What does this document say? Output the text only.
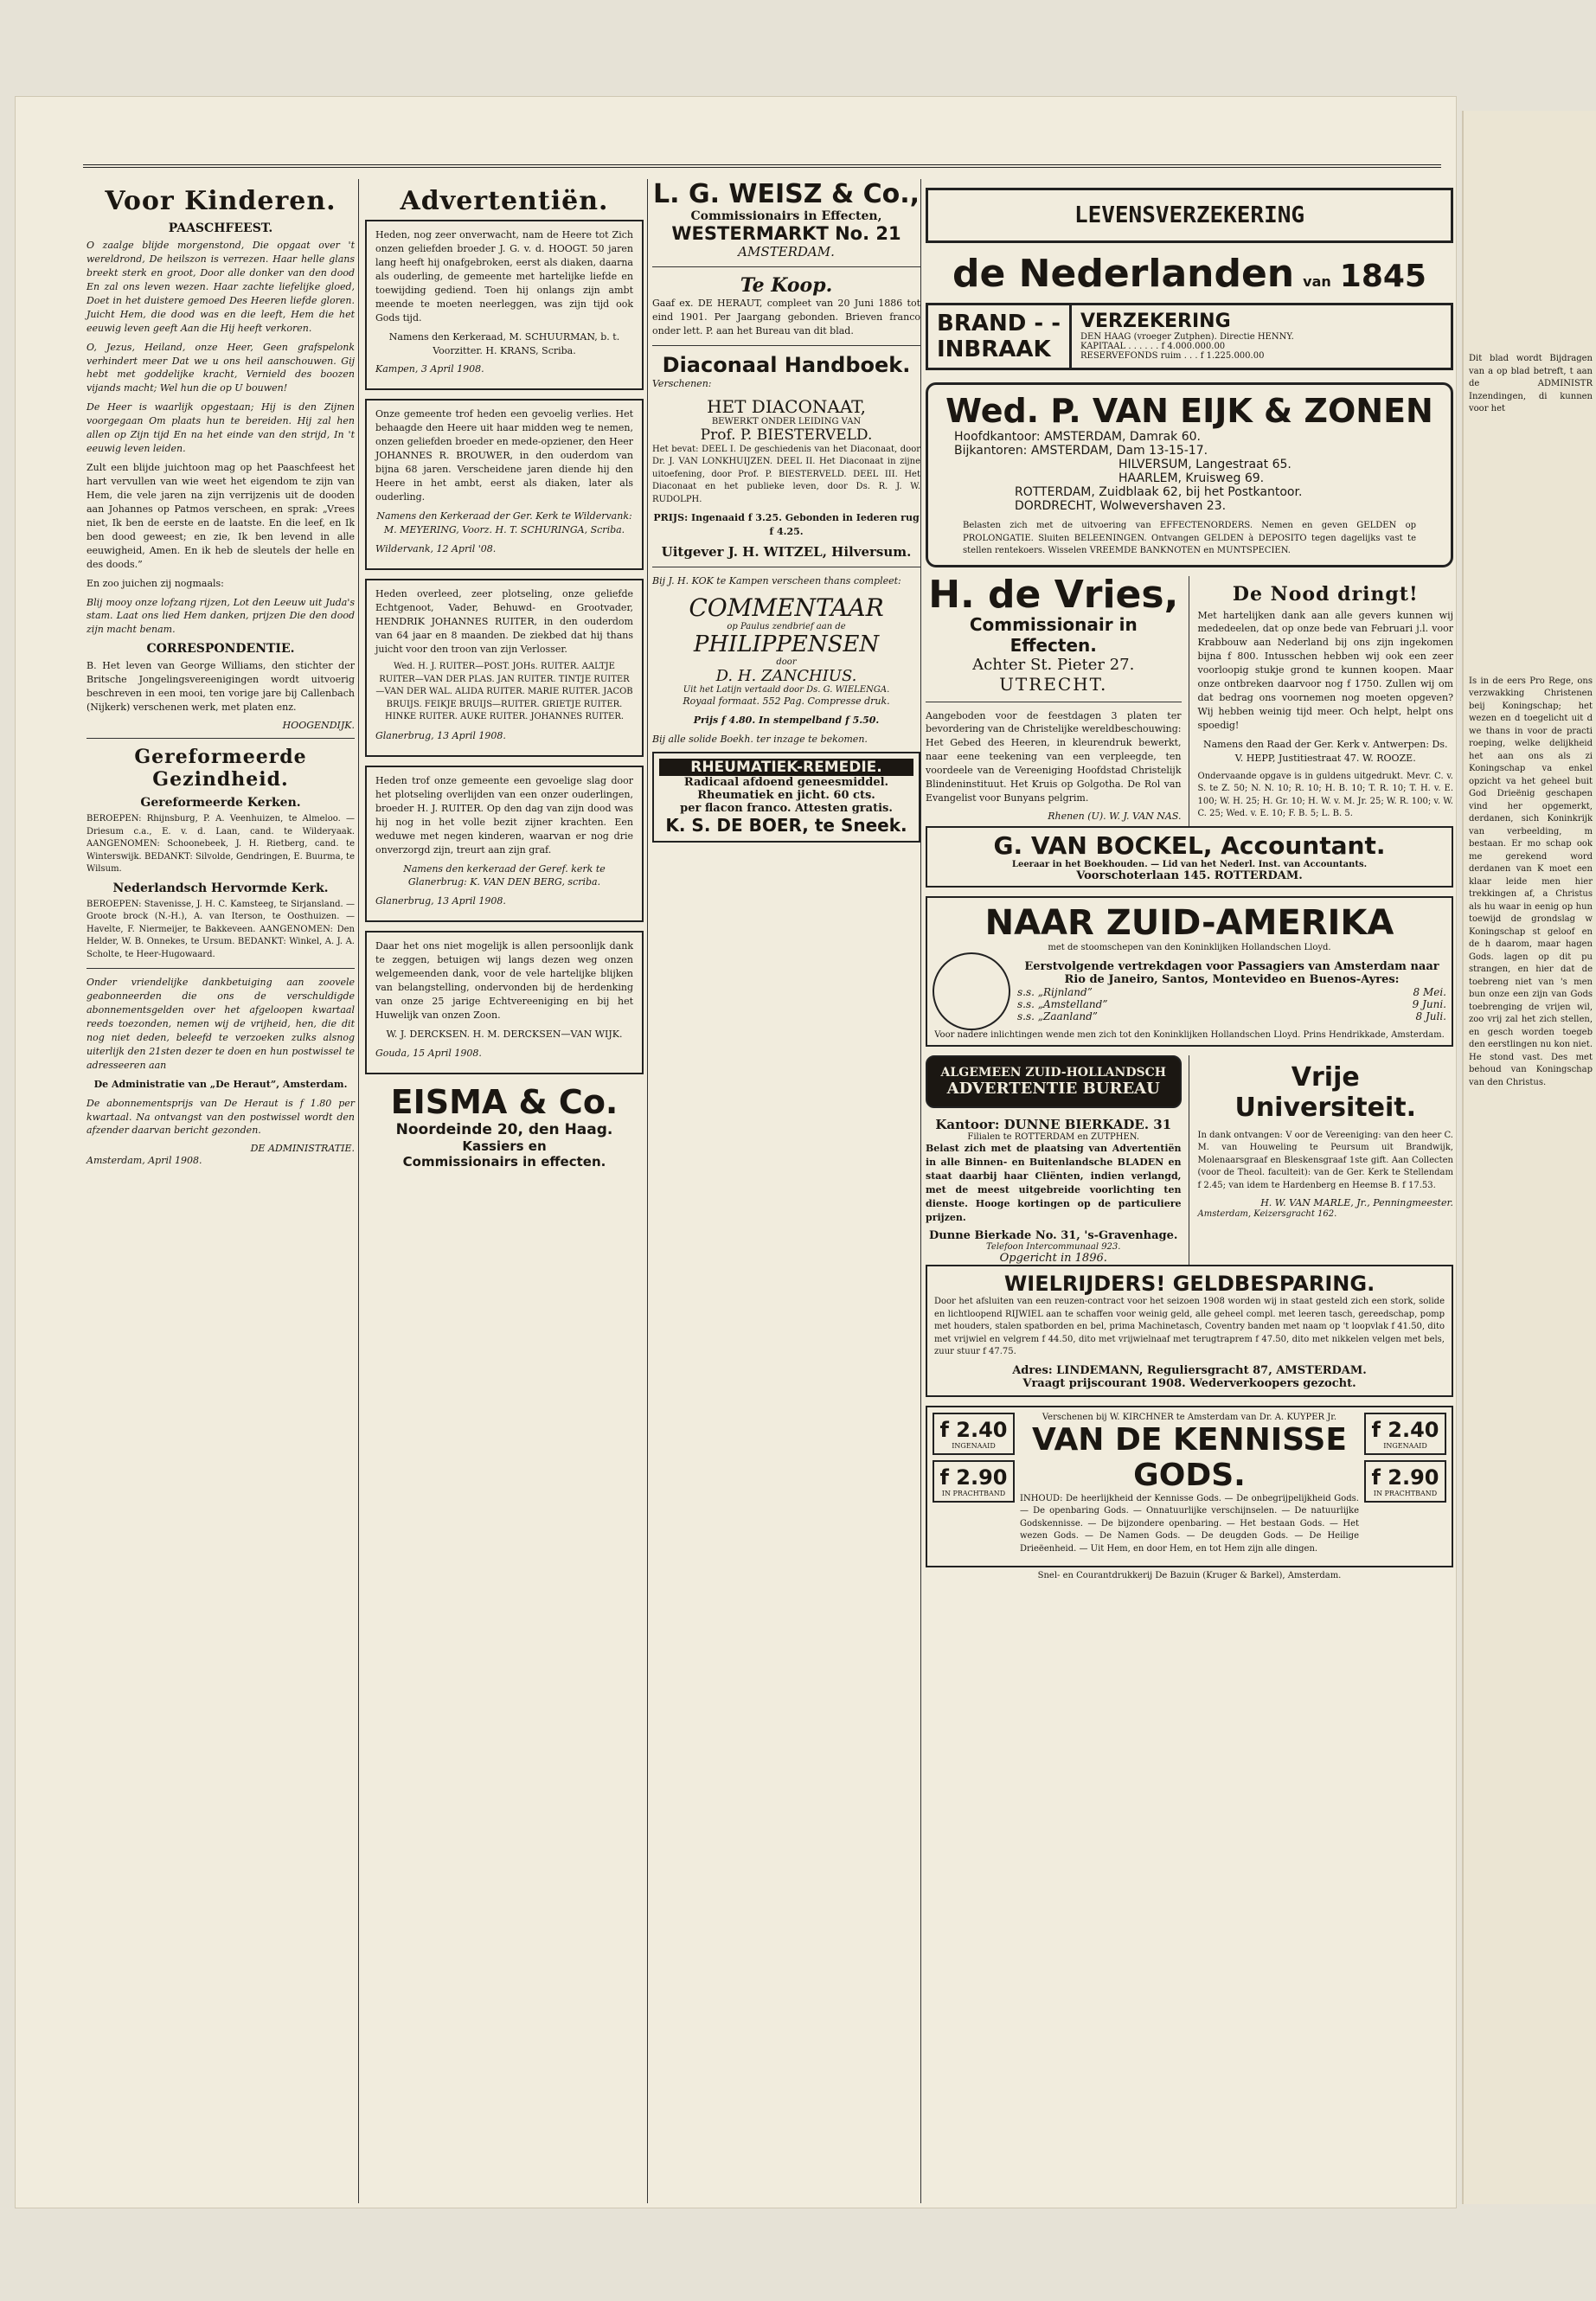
Voor Kinderen.
PAASCHFEEST.

O zaalge blijde morgenstond, Die opgaat over 't wereldrond, De heilszon is verrezen. Haar helle glans breekt sterk en groot, Door alle donker van den dood En zal ons leven wezen. Haar zachte liefelijke gloed, Doet in het duistere gemoed Des Heeren liefde gloren. Juicht Hem, die dood was en die leeft, Hem die het eeuwig leven geeft Aan die Hij heeft verkoren.

O, Jezus, Heiland, onze Heer, Geen grafspelonk verhindert meer Dat we u ons heil aanschouwen. Gij hebt met goddelijke kracht, Vernield des boozen vijands macht; Wel hun die op U bouwen!

De Heer is waarlijk opgestaan; Hij is den Zijnen voorgegaan Om plaats hun te bereiden. Hij zal hen allen op Zijn tijd En na het einde van den strijd, In 't eeuwig leven leiden.

Zult een blijde juichtoon mag op het Paaschfeest het hart vervullen van wie weet het eigendom te zijn van Hem, die vele jaren na zijn verrijzenis uit de dooden aan Johannes op Patmos verscheen, en sprak: „Vrees niet, Ik ben de eerste en de laatste. En die leef, en Ik ben dood geweest; en zie, Ik ben levend in alle eeuwigheid, Amen. En ik heb de sleutels der helle en des doods.”

En zoo juichen zij nogmaals:

Blij mooy onze lofzang rijzen, Lot den Leeuw uit Juda's stam. Laat ons lied Hem danken, prijzen Die den dood zijn macht benam.

CORRESPONDENTIE.

B. Het leven van George Williams, den stichter der Britsche Jongelingsvereenigingen wordt uitvoerig beschreven in een mooi, ten vorige jare bij Callenbach (Nijkerk) verschenen werk, met platen enz.

HOOGENDIJK.

Gereformeerde Gezindheid.
Gereformeerde Kerken.

BEROEPEN: Rhijnsburg, P. A. Veenhuizen, te Almeloo. — Driesum c.a., E. v. d. Laan, cand. te Wilderyaak. AANGENOMEN: Schoonebeek, J. H. Rietberg, cand. te Winterswijk. BEDANKT: Silvolde, Gendringen, E. Buurma, te Wilsum.

Nederlandsch Hervormde Kerk.

BEROEPEN: Stavenisse, J. H. C. Kamsteeg, te Sirjansland. — Groote brock (N.-H.), A. van Iterson, te Oosthuizen. — Havelte, F. Niermeijer, te Bakkeveen. AANGENOMEN: Den Helder, W. B. Onnekes, te Ursum. BEDANKT: Winkel, A. J. A. Scholte, te Heer-Hugowaard.

Onder vriendelijke dankbetuiging aan zoovele geabonneerden die ons de verschuldigde abonnementsgelden over het afgeloopen kwartaal reeds toezonden, nemen wij de vrijheid, hen, die dit nog niet deden, beleefd te verzoeken zulks alsnog uiterlijk den 21sten dezer te doen en hun postwissel te adresseeren aan

De Administratie van „De Heraut”, Amsterdam.

De abonnementsprijs van De Heraut is f 1.80 per kwartaal. Na ontvangst van den postwissel wordt den afzender daarvan bericht gezonden.

DE ADMINISTRATIE.

Amsterdam, April 1908.

Advertentiën.

Heden, nog zeer onverwacht, nam de Heere tot Zich onzen geliefden broeder J. G. v. d. HOOGT. 50 jaren lang heeft hij onafgebroken, eerst als diaken, daarna als ouderling, de gemeente met hartelijke liefde en toewijding gediend. Toen hij onlangs zijn ambt meende te moeten neerleggen, was zijn tijd ook Gods tijd.

Namens den Kerkeraad, M. SCHUURMAN, b. t. Voorzitter. H. KRANS, Scriba.

Kampen, 3 April 1908.

Onze gemeente trof heden een gevoelig verlies. Het behaagde den Heere uit haar midden weg te nemen, onzen geliefden broeder en mede-opziener, den Heer JOHANNES R. BROUWER, in den ouderdom van bijna 68 jaren. Verscheidene jaren diende hij den Heere in het ambt, eerst als diaken, later als ouderling.

Namens den Kerkeraad der Ger. Kerk te Wildervank: M. MEYERING, Voorz. H. T. SCHURINGA, Scriba.

Wildervank, 12 April '08.

Heden overleed, zeer plotseling, onze geliefde Echtgenoot, Vader, Behuwd- en Grootvader, HENDRIK JOHANNES RUITER, in den ouderdom van 64 jaar en 8 maanden. De ziekbed dat hij thans juicht voor den troon van zijn Verlosser.

Wed. H. J. RUITER—POST. JOHs. RUITER. AALTJE RUITER—VAN DER PLAS. JAN RUITER. TINTJE RUITER—VAN DER WAL. ALIDA RUITER. MARIE RUITER. JACOB BRUIJS. FEIKJE BRUIJS—RUITER. GRIETJE RUITER. HINKE RUITER. AUKE RUITER. JOHANNES RUITER.

Glanerbrug, 13 April 1908.

Heden trof onze gemeente een gevoelige slag door het plotseling overlijden van een onzer ouderlingen, broeder H. J. RUITER. Op den dag van zijn dood was hij nog in het volle bezit zijner krachten. Een weduwe met negen kinderen, waarvan er nog drie onverzorgd zijn, treurt aan zijn graf.

Namens den kerkeraad der Geref. kerk te Glanerbrug: K. VAN DEN BERG, scriba.

Glanerbrug, 13 April 1908.

Daar het ons niet mogelijk is allen persoonlijk dank te zeggen, betuigen wij langs dezen weg onzen welgemeenden dank, voor de vele hartelijke blijken van belangstelling, ondervonden bij de herdenking van onze 25 jarige Echtvereeniging en bij het Huwelijk van onzen Zoon.

W. J. DERCKSEN. H. M. DERCKSEN—VAN WIJK.

Gouda, 15 April 1908.

EISMA & Co.
Noordeinde 20, den Haag.
Kassiers en
Commissionairs in effecten.
L. G. WEISZ & Co.,
Commissionairs in Effecten,
WESTERMARKT No. 21
AMSTERDAM.
Te Koop.

Gaaf ex. DE HERAUT, compleet van 20 Juni 1886 tot eind 1901. Per Jaargang gebonden. Brieven franco onder lett. P. aan het Bureau van dit blad.

Diaconaal Handboek.

Verschenen:

HET DIACONAAT,
BEWERKT ONDER LEIDING VAN
Prof. P. BIESTERVELD.

Het bevat: DEEL I. De geschiedenis van het Diaconaat, door Dr. J. VAN LONKHUIJZEN. DEEL II. Het Diaconaat in zijne uitoefening, door Prof. P. BIESTERVELD. DEEL III. Het Diaconaat en het publieke leven, door Ds. R. J. W. RUDOLPH.

PRIJS: Ingenaaid f 3.25. Gebonden in Iederen rug f 4.25.

Uitgever J. H. WITZEL, Hilversum.

Bij J. H. KOK te Kampen verscheen thans compleet:

COMMENTAAR
op Paulus zendbrief aan de
PHILIPPENSEN
door
D. H. ZANCHIUS.
Uit het Latijn vertaald door Ds. G. WIELENGA.

Royaal formaat. 552 Pag. Compresse druk.

Prijs f 4.80. In stempelband f 5.50.

Bij alle solide Boekh. ter inzage te bekomen.

RHEUMATIEK-REMEDIE.
Radicaal afdoend geneesmiddel.
Rheumatiek en jicht. 60 cts.
per flacon franco. Attesten gratis.
K. S. DE BOER, te Sneek.
LEVENSVERZEKERING
de Nederlanden van 1845
BRAND - -
INBRAAK
VERZEKERING
DEN HAAG (vroeger Zutphen). Directie HENNY.
KAPITAAL . . . . . . f 4.000.000.00
RESERVEFONDS ruim . . . f 1.225.000.00
Wed. P. VAN EIJK & ZONEN
Hoofdkantoor: AMSTERDAM, Damrak 60.
Bijkantoren: AMSTERDAM, Dam 13-15-17.
HILVERSUM, Langestraat 65.
HAARLEM, Kruisweg 69.
ROTTERDAM, Zuidblaak 62, bij het Postkantoor.
DORDRECHT, Wolwevershaven 23.

Belasten zich met de uitvoering van EFFECTENORDERS. Nemen en geven GELDEN op PROLONGATIE. Sluiten BELEENINGEN. Ontvangen GELDEN à DEPOSITO tegen dagelijks vast te stellen rentekoers. Wisselen VREEMDE BANKNOTEN en MUNTSPECIEN.

H. de Vries,
Commissionair in Effecten.
Achter St. Pieter 27.
UTRECHT.

Aangeboden voor de feestdagen 3 platen ter bevordering van de Christelijke wereldbeschouwing: Het Gebed des Heeren, in kleurendruk bewerkt, naar eene teekening van een verpleegde, ten voordeele van de Vereeniging Hoofdstad Christelijk Blindeninstituut. Het Kruis op Golgotha. De Rol van Evangelist voor Bunyans pelgrim.

Rhenen (U). W. J. VAN NAS.

De Nood dringt!

Met hartelijken dank aan alle gevers kunnen wij mededeelen, dat op onze bede van Februari j.l. voor Krabbouw aan Nederland bij ons zijn ingekomen bijna f 800. Intusschen hebben wij ook een zeer voorloopig stukje grond te kunnen koopen. Maar onze ontbreken daarvoor nog f 1750. Zullen wij om dat bedrag ons voornemen nog moeten opgeven? Wij hebben weinig tijd meer. Och helpt, helpt ons spoedig!

Namens den Raad der Ger. Kerk v. Antwerpen: Ds. V. HEPP, Justitiestraat 47. W. ROOZE.

Ondervaande opgave is in guldens uitgedrukt. Mevr. C. v. S. te Z. 50; N. N. 10; R. 10; H. B. 10; T. R. 10; T. H. v. E. 100; W. H. 25; H. Gr. 10; H. W. v. M. Jr. 25; W. R. 100; v. W. C. 25; Wed. v. E. 10; F. B. 5; L. B. 5.

G. VAN BOCKEL, Accountant.
Leeraar in het Boekhouden. — Lid van het Nederl. Inst. van Accountants.
Voorschoterlaan 145. ROTTERDAM.
NAAR ZUID-AMERIKA
met de stoomschepen van den Koninklijken Hollandschen Lloyd.
Eerstvolgende vertrekdagen voor Passagiers van Amsterdam naar Rio de Janeiro, Santos, Montevideo en Buenos-Ayres:
s.s. „Rijnland”	8 Mei.
s.s. „Amstelland”	9 Juni.
s.s. „Zaanland”	8 Juli.
Voor nadere inlichtingen wende men zich tot den Koninklijken Hollandschen Lloyd. Prins Hendrikkade, Amsterdam.
ALGEMEEN ZUID-HOLLANDSCH
ADVERTENTIE BUREAU
Kantoor: DUNNE BIERKADE. 31
Filialen te ROTTERDAM en ZUTPHEN.

Belast zich met de plaatsing van Advertentiën in alle Binnen- en Buitenlandsche BLADEN en staat daarbij haar Cliënten, indien verlangd, met de meest uitgebreide voorlichting ten dienste. Hooge kortingen op de particuliere prijzen.

Dunne Bierkade No. 31, 's-Gravenhage.
Telefoon Intercommunaal 923.
Opgericht in 1896.
Vrije Universiteit.

In dank ontvangen: V oor de Vereeniging: van den heer C. M. van Houweling te Peursum uit Brandwijk, Molenaarsgraaf en Bleskensgraaf 1ste gift. Aan Collecten (voor de Theol. faculteit): van de Ger. Kerk te Stellendam f 2.45; van idem te Hardenberg en Heemse B. f 17.53.

H. W. VAN MARLE, Jr., Penningmeester.

Amsterdam, Keizersgracht 162.

WIELRIJDERS! GELDBESPARING.

Door het afsluiten van een reuzen-contract voor het seizoen 1908 worden wij in staat gesteld zich een stork, solide en lichtloopend RIJWIEL aan te schaffen voor weinig geld, alle geheel compl. met leeren tasch, gereedschap, pomp met houders, stalen spatborden en bel, prima Machinetasch, Coventry banden met naam op 't loopvlak f 41.50, dito met vrijwiel en velgrem f 44.50, dito met vrijwielnaaf met terugtraprem f 47.50, dito met nikkelen velgen met bels, zuur stuur f 47.75.

Adres: LINDEMANN, Reguliersgracht 87, AMSTERDAM.
Vraagt prijscourant 1908. Wederverkoopers gezocht.
f 2.40
INGENAAID
f 2.90
IN PRACHTBAND
Verschenen bij W. KIRCHNER te Amsterdam van Dr. A. KUYPER Jr.
VAN DE KENNISSE GODS.

INHOUD: De heerlijkheid der Kennisse Gods. — De onbegrijpelijkheid Gods. — De openbaring Gods. — Onnatuurlijke verschijnselen. — De natuurlijke Godskennisse. — De bijzondere openbaring. — Het bestaan Gods. — Het wezen Gods. — De Namen Gods. — De deugden Gods. — De Heilige Drieëenheid. — Uit Hem, en door Hem, en tot Hem zijn alle dingen.

f 2.40
INGENAAID
f 2.90
IN PRACHTBAND
Snel- en Courantdrukkerij De Bazuin (Kruger & Barkel), Amsterdam.

Dit blad wordt Bijdragen van a op blad betreft, t aan de ADMINISTR Inzendingen, di kunnen voor het

Is in de eers Pro Rege, ons verzwakking Christenen beij Koningschap; het wezen en d toegelicht uit d we thans in voor de practi roeping, welke delijkheid het aan ons als zi Koningschap va enkel opzicht va het geheel buit God Drieënig geschapen vind her opgemerkt, derdanen, sich Koninkrijk van verbeelding, m bestaan. Er mo schap ook me gerekend word derdanen van K moet een klaar leide men hier trekkingen af, a Christus als hu waar in eenig op hun toewijd de grondslag w Koningschap st geloof en de h daarom, maar hagen Gods. lagen op dit pu strangen, en hier dat de toebreng niet van 's men bun onze een zijn van Gods toebrenging de vrijen wil, zoo vrij zal het zich stellen, en gesch worden toegeb den eerstlingen nu kon niet. He stond vast. Des met behoud van Koningschap van den Christus.
